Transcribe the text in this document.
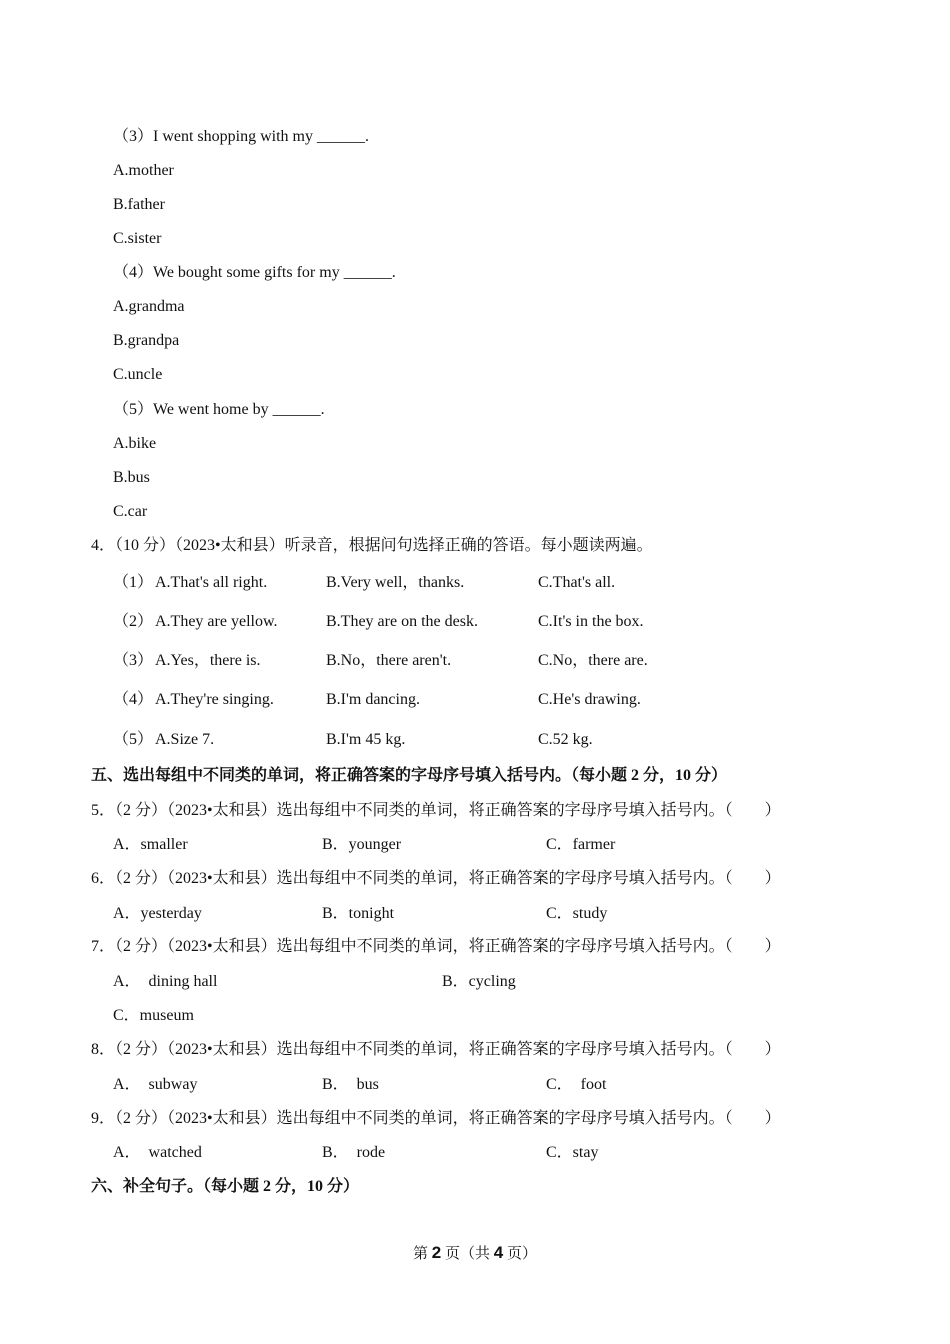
（3）I went shopping with my ______.
A.mother
B.father
C.sister
（4）We bought some gifts for my ______.
A.grandma
B.grandpa
C.uncle
（5）We went home by ______.
A.bike
B.bus
C.car
4．（10 分）（2023•太和县）听录音，根据问句选择正确的答语。每小题读两遍。
（1） A.That's all right.	B.Very well，thanks.	C.That's all.
（2） A.They are yellow.	B.They are on the desk.	C.It's in the box.
（3） A.Yes，there is.	B.No，there aren't.	C.No，there are.
（4） A.They're singing.	B.I'm dancing.	C.He's drawing.
（5） A.Size 7.	B.I'm 45 kg.	C.52 kg.
五、选出每组中不同类的单词，将正确答案的字母序号填入括号内。（每小题 2 分，10 分）
5．（2 分）（2023•太和县）选出每组中不同类的单词，将正确答案的字母序号填入括号内。（　　）
A．smaller	B．younger	C．farmer
6．（2 分）（2023•太和县）选出每组中不同类的单词，将正确答案的字母序号填入括号内。（　　）
A．yesterday	B．tonight	C．study
7．（2 分）（2023•太和县）选出每组中不同类的单词，将正确答案的字母序号填入括号内。（　　）
A．  dining hall	B．cycling
C．museum
8．（2 分）（2023•太和县）选出每组中不同类的单词，将正确答案的字母序号填入括号内。（　　）
A．  subway	B．  bus	C．  foot
9．（2 分）（2023•太和县）选出每组中不同类的单词，将正确答案的字母序号填入括号内。（　　）
A．  watched	B．  rode	C．stay
六、补全句子。（每小题 2 分，10 分）
第 2 页（共 4 页）
